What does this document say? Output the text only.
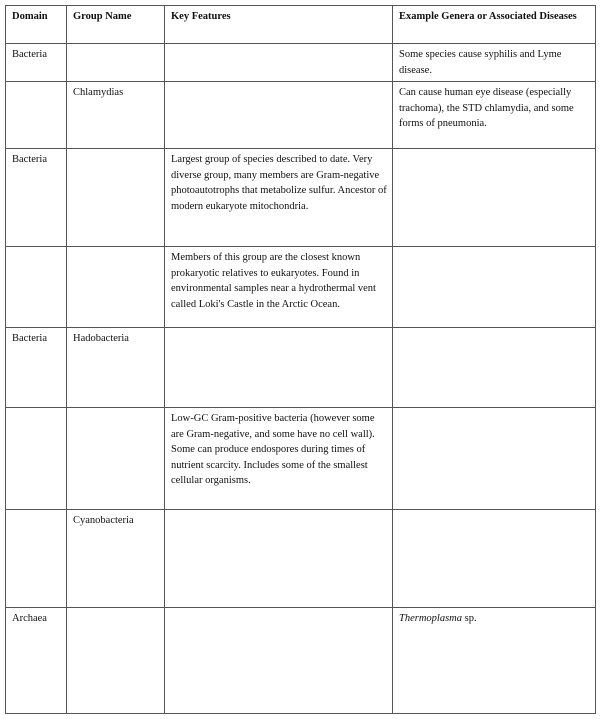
Domain	Group Name	Key Features	Example Genera or Associated Diseases
Bacteria			Some species cause syphilis and Lyme disease.
	Chlamydias		Can cause human eye disease (especially trachoma), the STD chlamydia, and some forms of pneumonia.
Bacteria		Largest group of species described to date. Very diverse group, many members are Gram-negative photoautotrophs that metabolize sulfur. Ancestor of modern eukaryote mitochondria.	
		Members of this group are the closest known prokaryotic relatives to eukaryotes. Found in environmental samples near a hydrothermal vent called Loki's Castle in the Arctic Ocean.	
Bacteria	Hadobacteria		
		Low-GC Gram-positive bacteria (however some are Gram-negative, and some have no cell wall). Some can produce endospores during times of nutrient scarcity. Includes some of the smallest cellular organisms.	
	Cyanobacteria		
Archaea			Thermoplasma sp.
